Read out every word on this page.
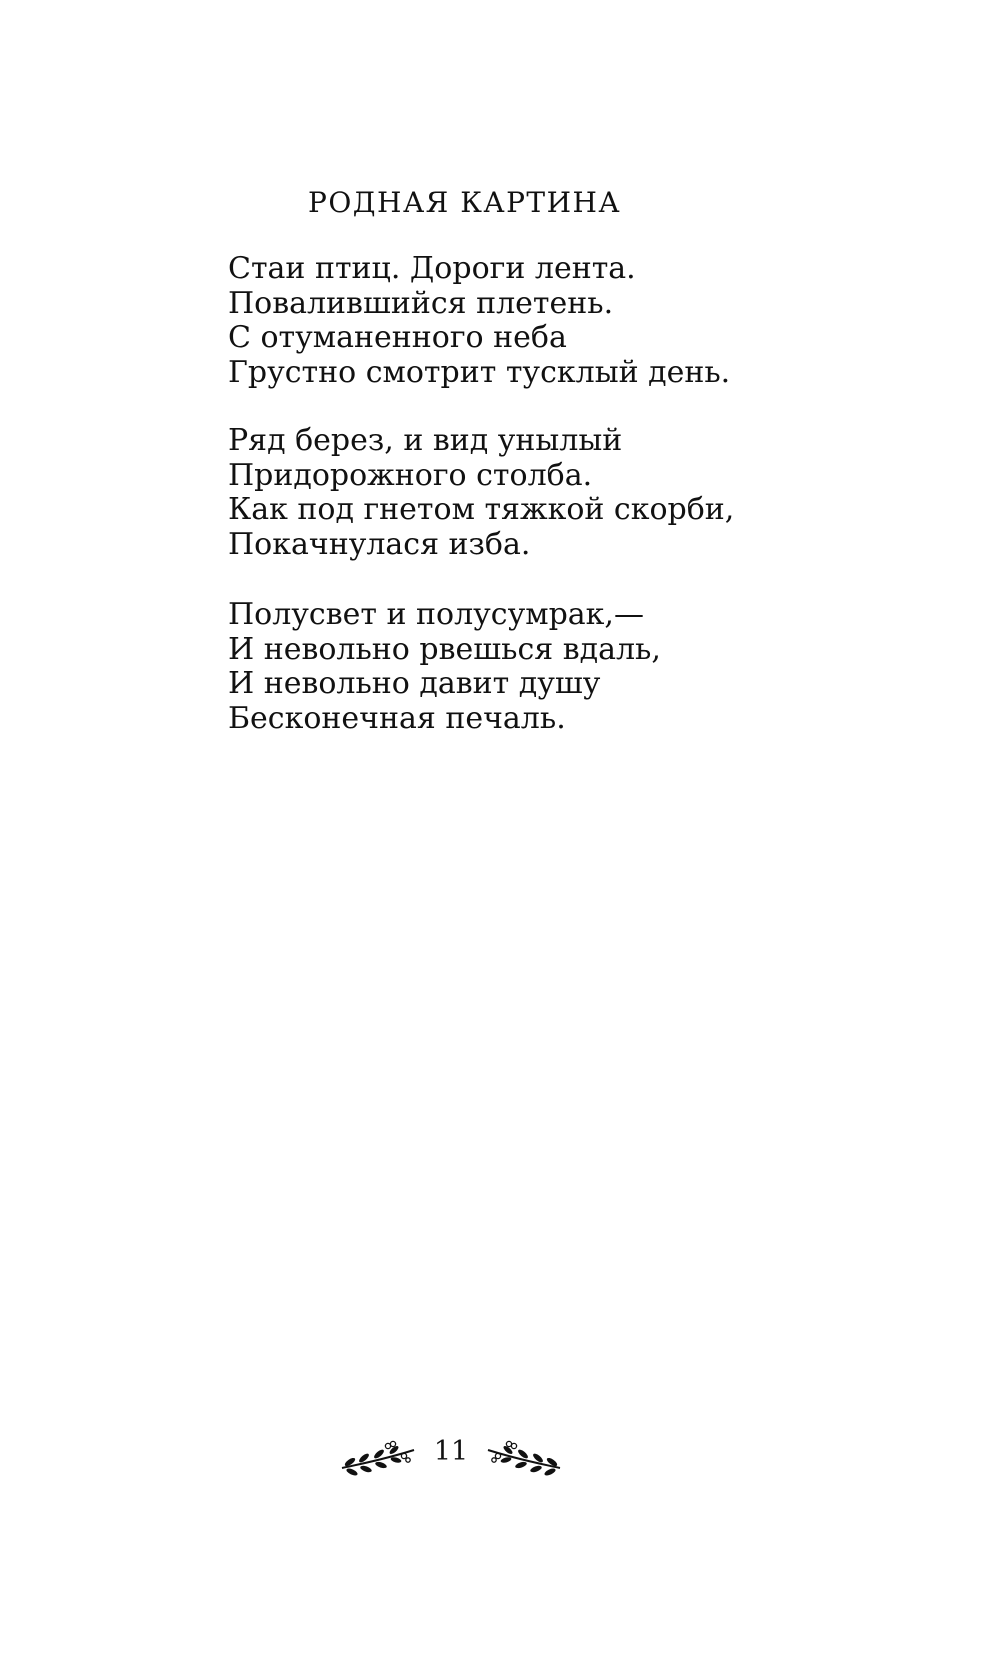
РОДНАЯ КАРТИНА
Стаи птиц. Дороги лента.
Повалившийся плетень.
С отуманенного неба
Грустно смотрит тусклый день.
Ряд берез, и вид унылый
Придорожного столба.
Как под гнетом тяжкой скорби,
Покачнулася изба.
Полусвет и полусумрак,—
И невольно рвешься вдаль,
И невольно давит душу
Бесконечная печаль.
11
